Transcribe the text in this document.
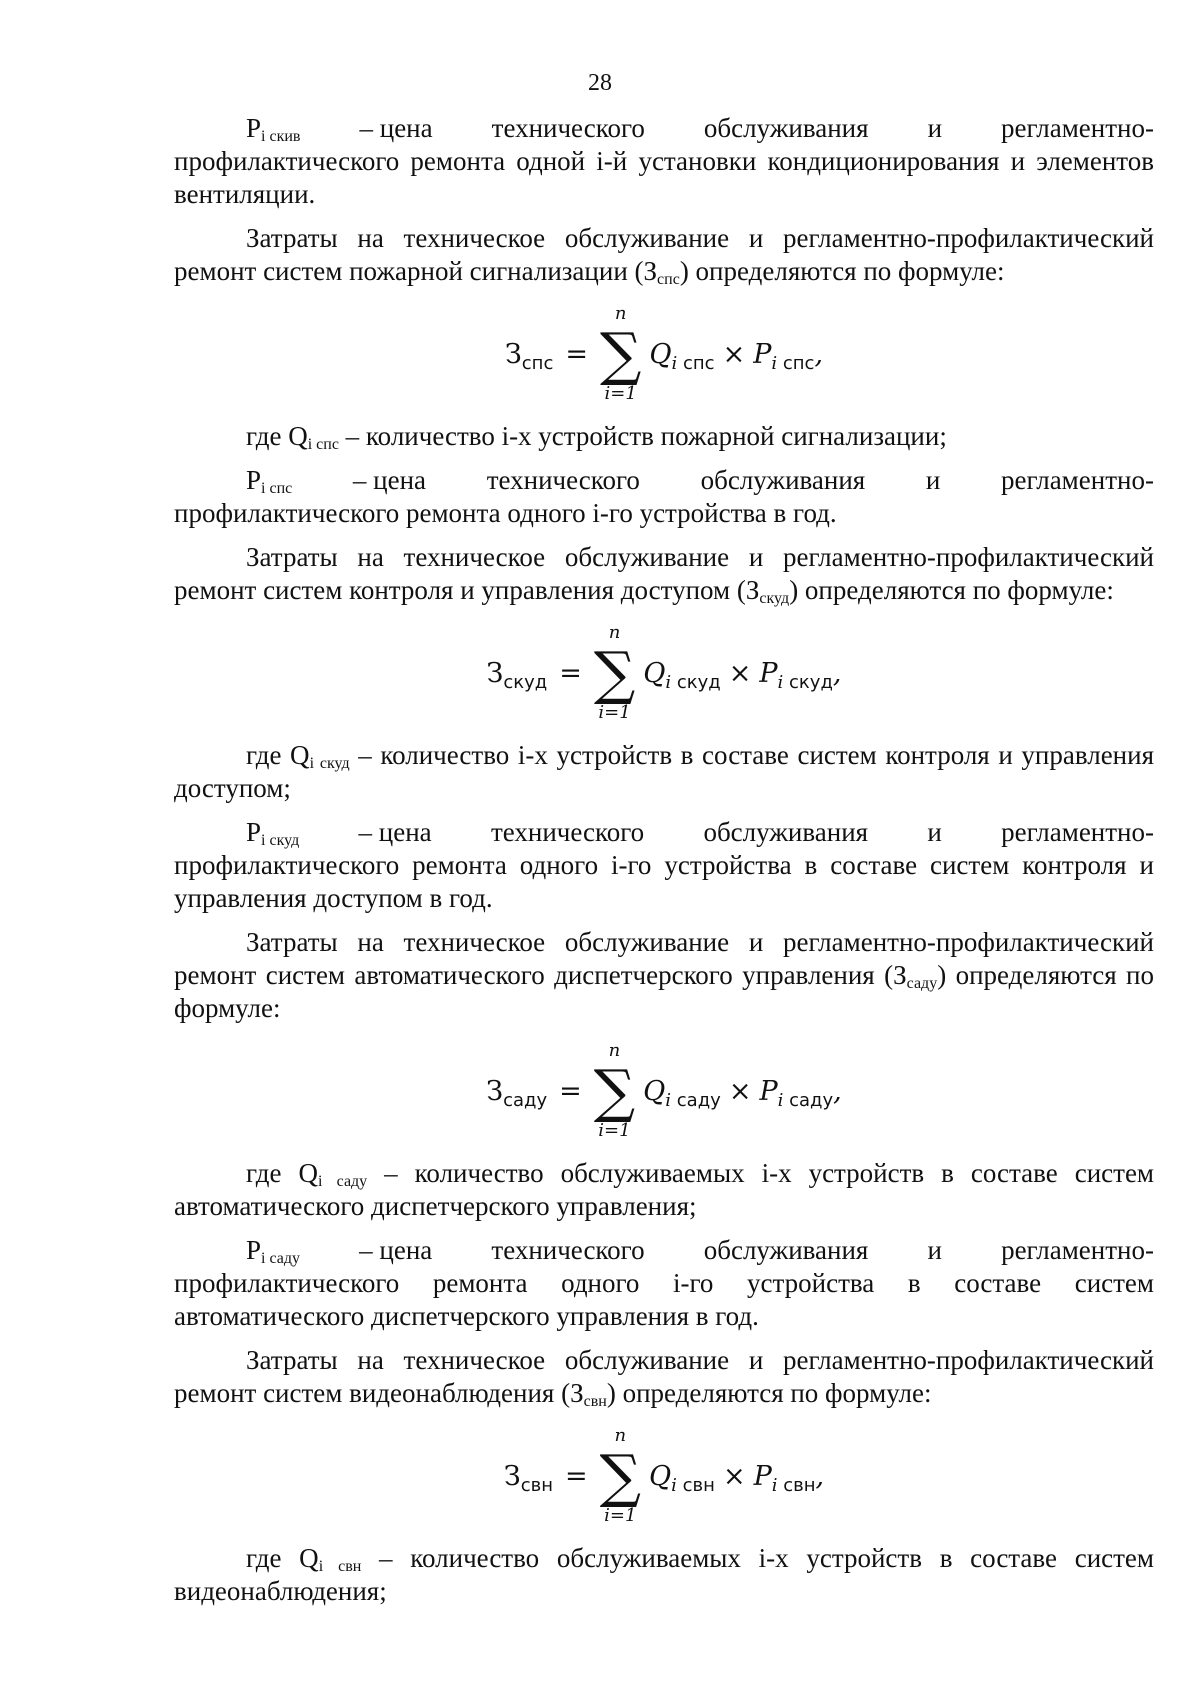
28
$P_{i скив}$ – цена технического обслуживания и регламентно-

профилактического ремонта одной i-й установки кондиционирования и элементов вентиляции.

Затраты на техническое обслуживание и регламентно-профилактический ремонт систем пожарной сигнализации $(З_{спс})$ определяются по формуле:

$З_{спс}$ =
n
∑
i=1
$Q_{i спс} \times P_{i спс}$,

где $Q_{i спс}$ – количество i-х устройств пожарной сигнализации;

$P_{i спс}$ – цена технического обслуживания и регламентно-

профилактического ремонта одного i-го устройства в год.

Затраты на техническое обслуживание и регламентно-профилактический ремонт систем контроля и управления доступом $(З_{скуд})$ определяются по формуле:

$З_{скуд}$ =
n
∑
i=1
$Q_{i скуд} \times P_{i скуд}$,

где $Q_{i скуд}$ – количество i-х устройств в составе систем контроля и управления доступом;

$P_{i скуд}$ – цена технического обслуживания и регламентно-

профилактического ремонта одного i-го устройства в составе систем контроля и управления доступом в год.

Затраты на техническое обслуживание и регламентно-профилактический ремонт систем автоматического диспетчерского управления $(З_{саду})$ определяются по формуле:

$З_{саду}$ =
n
∑
i=1
$Q_{i саду} \times P_{i саду}$,

где $Q_{i саду}$ – количество обслуживаемых i-х устройств в составе систем автоматического диспетчерского управления;

$P_{i саду}$ – цена технического обслуживания и регламентно-

профилактического ремонта одного i-го устройства в составе систем автоматического диспетчерского управления в год.

Затраты на техническое обслуживание и регламентно-профилактический ремонт систем видеонаблюдения $(З_{свн})$ определяются по формуле:

$З_{свн}$ =
n
∑
i=1
$Q_{i свн} \times P_{i свн}$,

где $Q_{i свн}$ – количество обслуживаемых i-х устройств в составе систем видеонаблюдения;
